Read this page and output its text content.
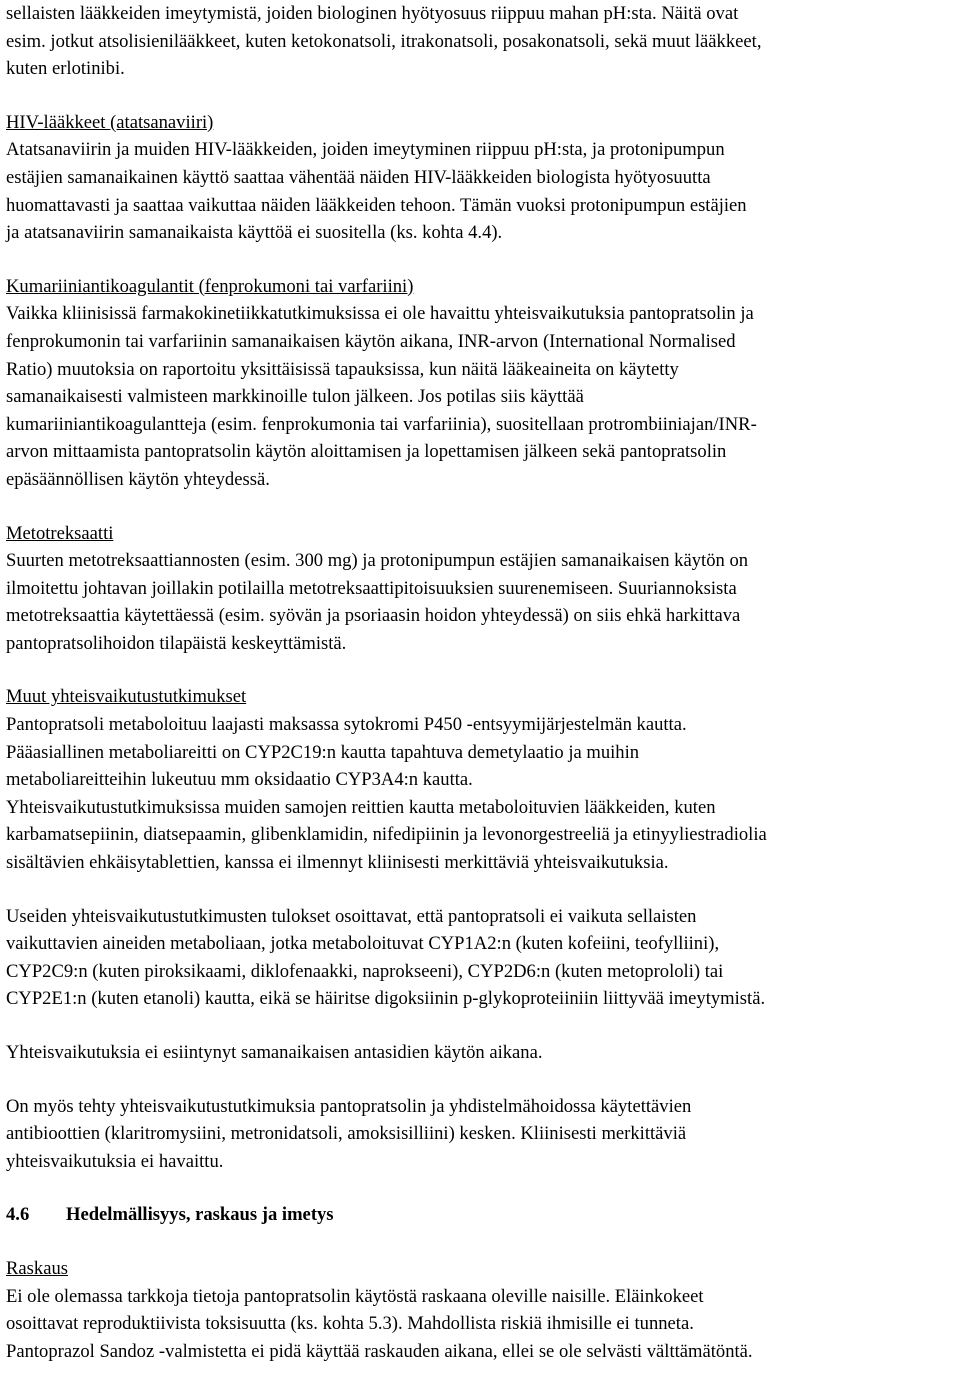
sellaisten lääkkeiden imeytymistä, joiden biologinen hyötyosuus riippuu mahan pH:sta. Näitä ovat

esim. jotkut atsolisienilääkkeet, kuten ketokonatsoli, itrakonatsoli, posakonatsoli, sekä muut lääkkeet,

kuten erlotinibi.

HIV-lääkkeet (atatsanaviiri)

Atatsanaviirin ja muiden HIV-lääkkeiden, joiden imeytyminen riippuu pH:sta, ja protonipumpun

estäjien samanaikainen käyttö saattaa vähentää näiden HIV-lääkkeiden biologista hyötyosuutta

huomattavasti ja saattaa vaikuttaa näiden lääkkeiden tehoon. Tämän vuoksi protonipumpun estäjien

ja atatsanaviirin samanaikaista käyttöä ei suositella (ks. kohta 4.4).

Kumariiniantikoagulantit (fenprokumoni tai varfariini)

Vaikka kliinisissä farmakokinetiikkatutkimuksissa ei ole havaittu yhteisvaikutuksia pantopratsolin ja

fenprokumonin tai varfariinin samanaikaisen käytön aikana, INR-arvon (International Normalised

Ratio) muutoksia on raportoitu yksittäisissä tapauksissa, kun näitä lääkeaineita on käytetty

samanaikaisesti valmisteen markkinoille tulon jälkeen. Jos potilas siis käyttää

kumariiniantikoagulantteja (esim. fenprokumonia tai varfariinia), suositellaan protrombiiniajan/INR-

arvon mittaamista pantopratsolin käytön aloittamisen ja lopettamisen jälkeen sekä pantopratsolin

epäsäännöllisen käytön yhteydessä.

Metotreksaatti

Suurten metotreksaattiannosten (esim. 300 mg) ja protonipumpun estäjien samanaikaisen käytön on

ilmoitettu johtavan joillakin potilailla metotreksaattipitoisuuksien suurenemiseen. Suuriannoksista

metotreksaattia käytettäessä (esim. syövän ja psoriaasin hoidon yhteydessä) on siis ehkä harkittava

pantopratsolihoidon tilapäistä keskeyttämistä.

Muut yhteisvaikutustutkimukset

Pantopratsoli metaboloituu laajasti maksassa sytokromi P450 -entsyymijärjestelmän kautta.

Pääasiallinen metaboliareitti on CYP2C19:n kautta tapahtuva demetylaatio ja muihin

metaboliareitteihin lukeutuu mm oksidaatio CYP3A4:n kautta.

Yhteisvaikutustutkimuksissa muiden samojen reittien kautta metaboloituvien lääkkeiden, kuten

karbamatsepiinin, diatsepaamin, glibenklamidin, nifedipiinin ja levonorgestreeliä ja etinyyliestradiolia

sisältävien ehkäisytablettien, kanssa ei ilmennyt kliinisesti merkittäviä yhteisvaikutuksia.

Useiden yhteisvaikutustutkimusten tulokset osoittavat, että pantopratsoli ei vaikuta sellaisten

vaikuttavien aineiden metaboliaan, jotka metaboloituvat CYP1A2:n (kuten kofeiini, teofylliini),

CYP2C9:n (kuten piroksikaami, diklofenaakki, naprokseeni), CYP2D6:n (kuten metoprololi) tai

CYP2E1:n (kuten etanoli) kautta, eikä se häiritse digoksiinin p-glykoproteiiniin liittyvää imeytymistä.

Yhteisvaikutuksia ei esiintynyt samanaikaisen antasidien käytön aikana.

On myös tehty yhteisvaikutustutkimuksia pantopratsolin ja yhdistelmähoidossa käytettävien

antibioottien (klaritromysiini, metronidatsoli, amoksisilliini) kesken. Kliinisesti merkittäviä

yhteisvaikutuksia ei havaittu.

4.6	Hedelmällisyys, raskaus ja imetys

Raskaus

Ei ole olemassa tarkkoja tietoja pantopratsolin käytöstä raskaana oleville naisille. Eläinkokeet

osoittavat reproduktiivista toksisuutta (ks. kohta 5.3). Mahdollista riskiä ihmisille ei tunneta.

Pantoprazol Sandoz -valmistetta ei pidä käyttää raskauden aikana, ellei se ole selvästi välttämätöntä.
